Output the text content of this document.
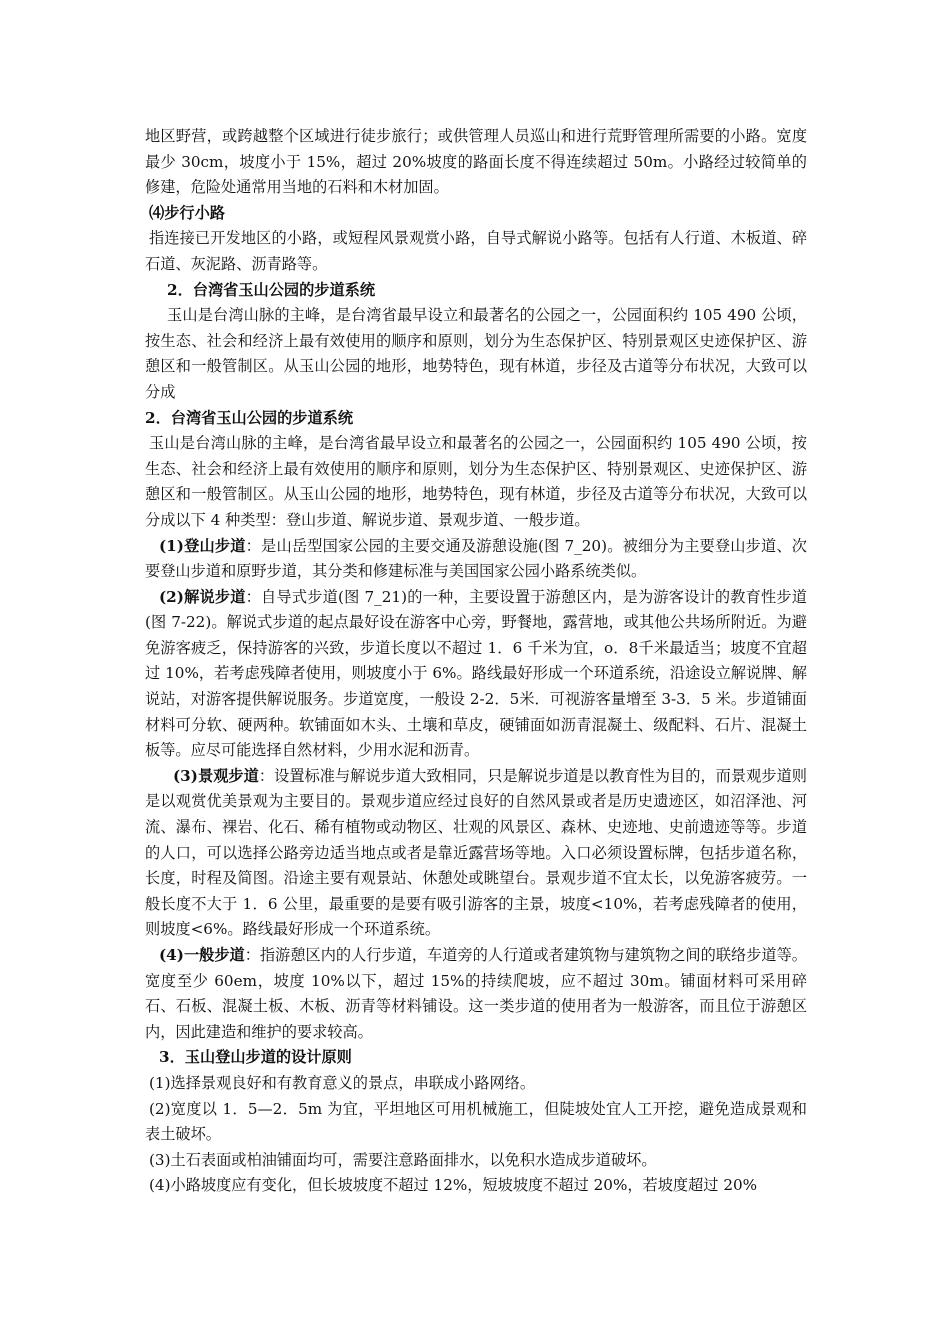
地区野营，或跨越整个区域进行徒步旅行；或供管理人员巡山和进行荒野管理所需要的小路。宽度最少 30cm，坡度小于 15%，超过 20%坡度的路面长度不得连续超过 50m。小路经过较简单的修建，危险处通常用当地的石料和木材加固。

⑷步行小路

指连接已开发地区的小路，或短程风景观赏小路，自导式解说小路等。包括有人行道、木板道、碎石道、灰泥路、沥青路等。

2．台湾省玉山公园的步道系统

玉山是台湾山脉的主峰，是台湾省最早设立和最著名的公园之一，公园面积约 105 490 公顷，按生态、社会和经济上最有效使用的顺序和原则，划分为生态保护区、特别景观区史迹保护区、游憩区和一般管制区。从玉山公园的地形，地势特色，现有林道，步径及古道等分布状况，大致可以分成

2．台湾省玉山公园的步道系统

玉山是台湾山脉的主峰，是台湾省最早设立和最著名的公园之一，公园面积约 105 490 公顷，按生态、社会和经济上最有效使用的顺序和原则，划分为生态保护区、特别景观区、史迹保护区、游憩区和一般管制区。从玉山公园的地形，地势特色，现有林道，步径及古道等分布状况，大致可以分成以下 4 种类型：登山步道、解说步道、景观步道、一般步道。

(1)登山步道：是山岳型国家公园的主要交通及游憩设施(图 7_20)。被细分为主要登山步道、次要登山步道和原野步道，其分类和修建标准与美国国家公园小路系统类似。

(2)解说步道：自导式步道(图 7_21)的一种，主要设置于游憩区内，是为游客设计的教育性步道(图 7-22)。解说式步道的起点最好设在游客中心旁，野餐地，露营地，或其他公共场所附近。为避免游客疲乏，保持游客的兴致，步道长度以不超过 1．6 千米为宜，o．8千米最适当；坡度不宜超过 10%，若考虑残障者使用，则坡度小于 6%。路线最好形成一个环道系统，沿途设立解说牌、解说站，对游客提供解说服务。步道宽度，一般设 2-2．5米．可视游客量增至 3-3．5 米。步道铺面材料可分软、硬两种。软铺面如木头、土壤和草皮，硬铺面如沥青混凝土、级配料、石片、混凝土板等。应尽可能选择自然材料，少用水泥和沥青。

(3)景观步道：设置标准与解说步道大致相同，只是解说步道是以教育性为目的，而景观步道则是以观赏优美景观为主要目的。景观步道应经过良好的自然风景或者是历史遗迹区，如沼泽池、河流、瀑布、裸岩、化石、稀有植物或动物区、壮观的风景区、森林、史迹地、史前遗迹等等。步道的人口，可以选择公路旁边适当地点或者是靠近露营场等地。入口必须设置标牌，包括步道名称，长度，时程及简图。沿途主要有观景站、休憩处或眺望台。景观步道不宜太长，以免游客疲劳。一般长度不大于 1．6 公里，最重要的是要有吸引游客的主景，坡度<10%，若考虑残障者的使用，则坡度<6%。路线最好形成一个环道系统。

(4)一般步道：指游憩区内的人行步道，车道旁的人行道或者建筑物与建筑物之间的联络步道等。宽度至少 60em，坡度 10%以下，超过 15%的持续爬坡，应不超过 30m。铺面材料可采用碎石、石板、混凝土板、木板、沥青等材料铺设。这一类步道的使用者为一般游客，而且位于游憩区内，因此建造和维护的要求较高。

3．玉山登山步道的设计原则

(1)选择景观良好和有教育意义的景点，串联成小路网络。

(2)宽度以 1．5—2．5m 为宜，平坦地区可用机械施工，但陡坡处宜人工开挖，避免造成景观和表土破坏。

(3)土石表面或柏油铺面均可，需要注意路面排水，以免积水造成步道破坏。

(4)小路坡度应有变化，但长坡坡度不超过 12%，短坡坡度不超过 20%，若坡度超过 20%
